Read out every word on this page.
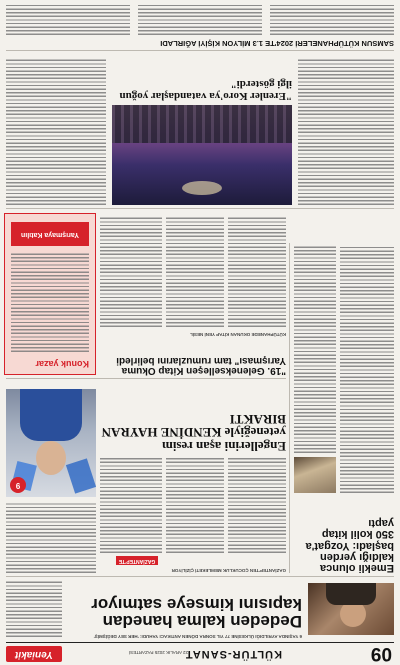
09
KÜLTÜR-SANAT
22 ARALIK 2025 PAZARTESİ
Yeniakit
6 YAŞINDA AYRILDIĞI ÜLKESİNE 77 YIL SONRA DÖNEN ANTIKACI YAHUDI: 'HER SEY DEĞİŞMİŞ'
Dededen kalma hanedan kapısını kimseye satmıyor
Emekli olunca kaldığı yerden başladı: Yozgat'a 350 kolil kitap yaptı
GAZİANTEP'TEN ÇOCUKLUK MEMLEKETİ ÇİZİLİYOR
GAZİANTEP'TE
Engellerini aşan resim yeteneğiyle KENDİNE HAYRAN BIRAKTI
9
"19. Gelenekselleşen Kitap Okuma Yarışması" tam rumuzlarını belirledi
KÜTÜPHANEDE OKUNAN KİTAP YENİ NESİL
Konuk yazar
Yarışmaya Katılın
"Erenler Koro'ya vatandaşlar yoğun ilgi gösterdi"
SAMSUN KÜTÜPHANELERİ 2024'TE 1.3 MİLYON KİŞİYİ AĞIRLADI
